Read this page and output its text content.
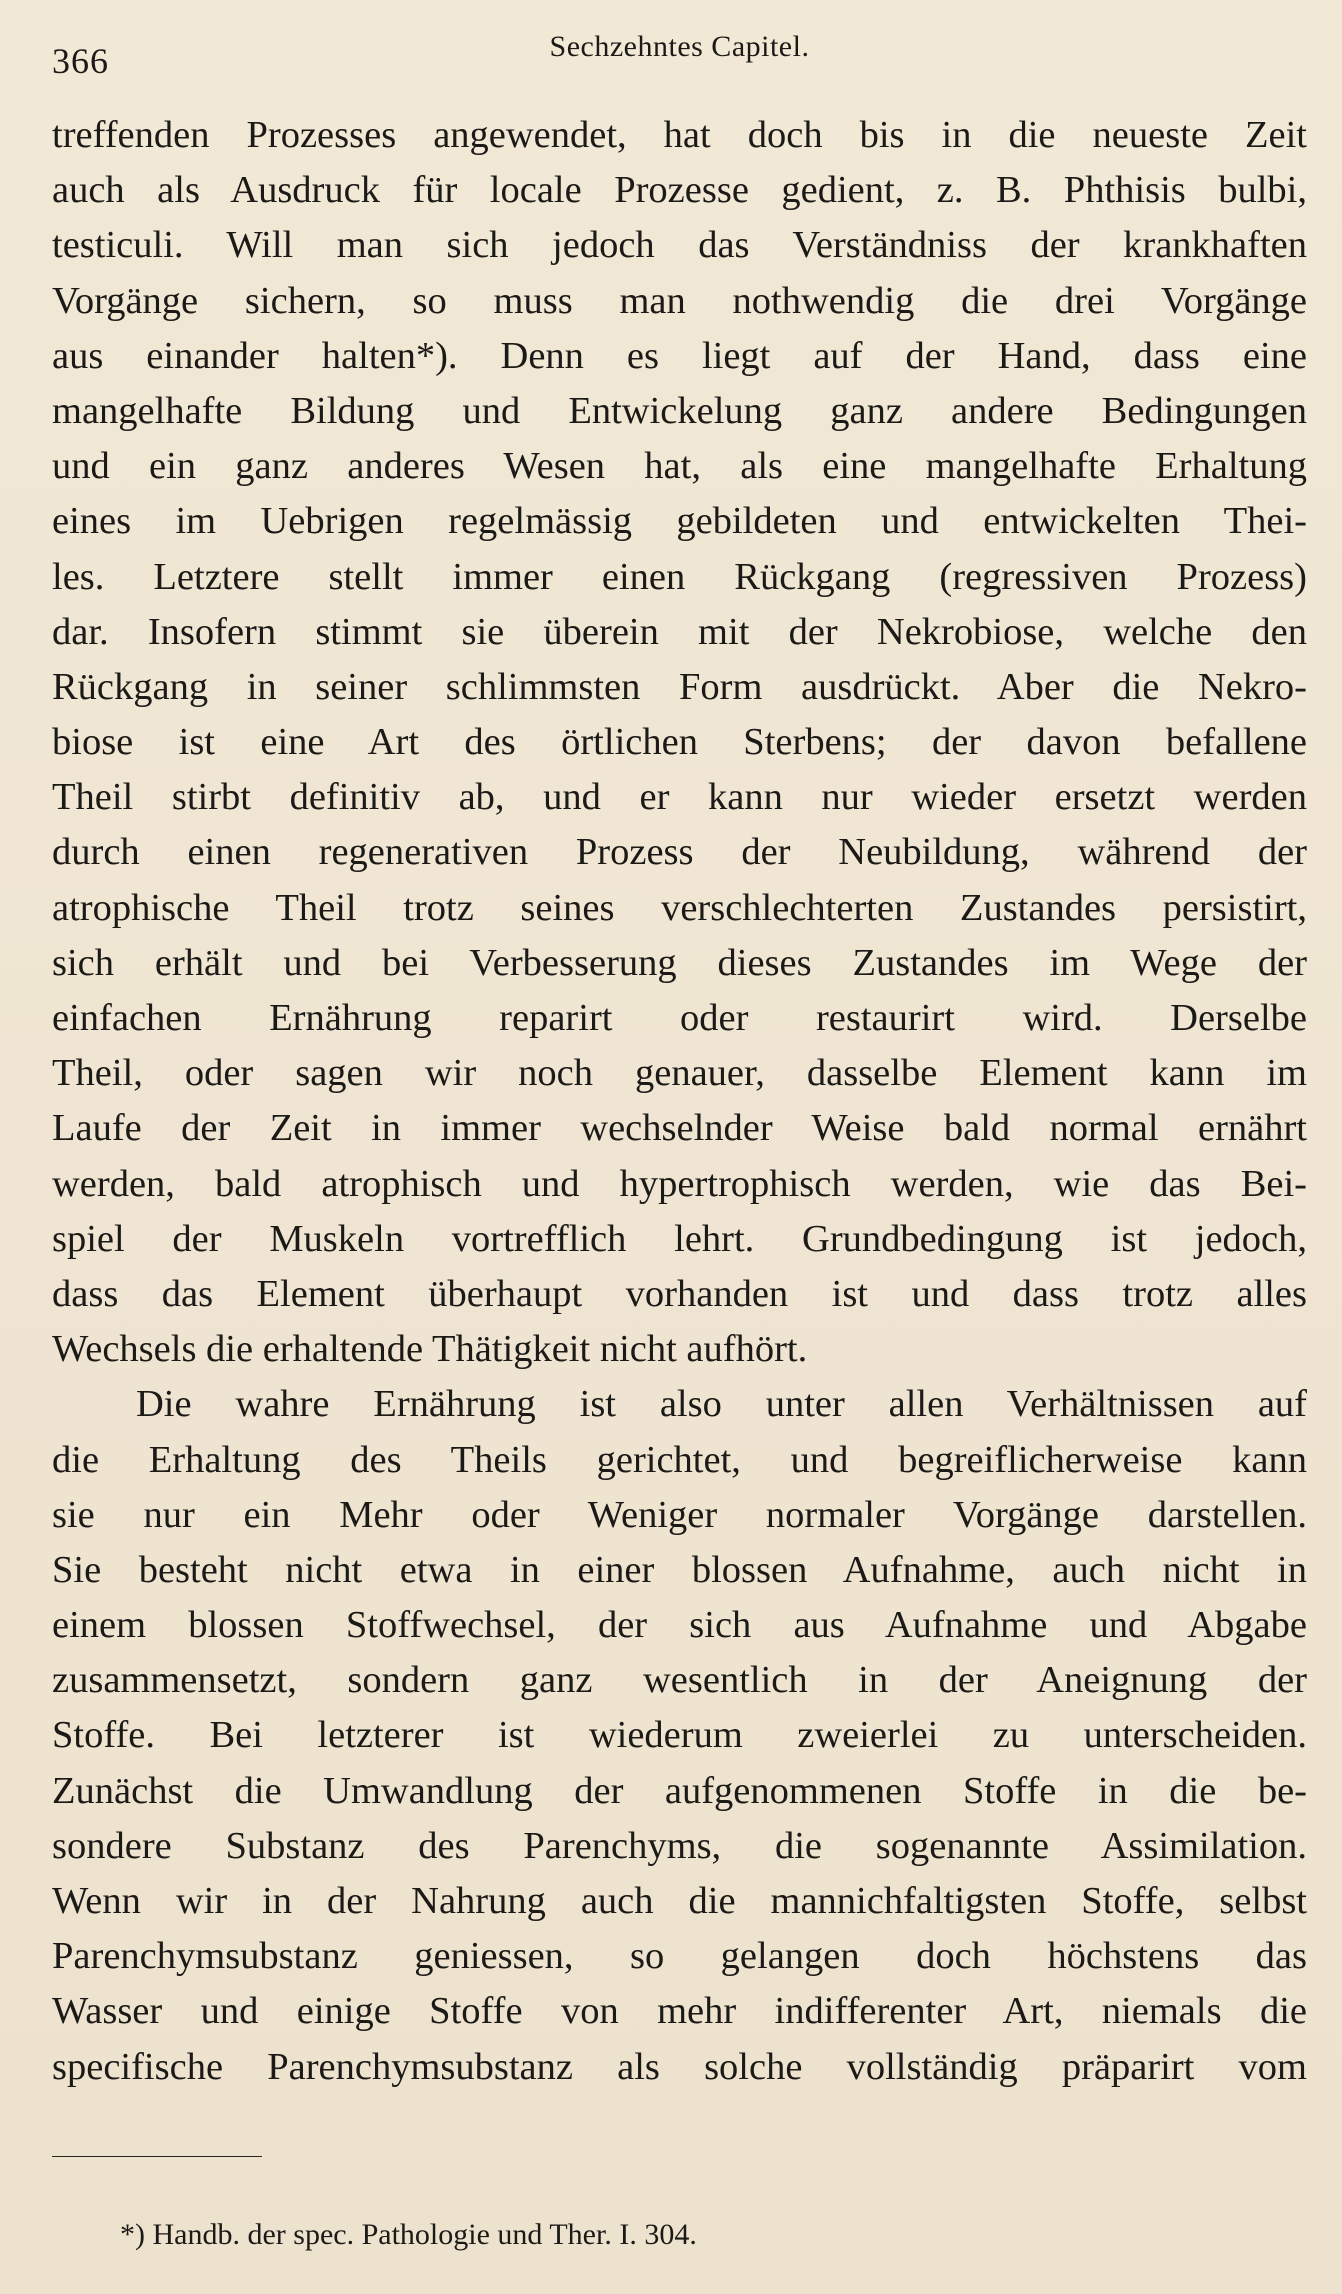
366	Sechzehntes Capitel.
treffenden Prozesses angewendet, hat doch bis in die neueste Zeit
auch als Ausdruck für locale Prozesse gedient, z. B. Phthisis bulbi,
testiculi. Will man sich jedoch das Verständniss der krankhaften
Vorgänge sichern, so muss man nothwendig die drei Vorgänge
aus einander halten*). Denn es liegt auf der Hand, dass eine
mangelhafte Bildung und Entwickelung ganz andere Bedingungen
und ein ganz anderes Wesen hat, als eine mangelhafte Erhaltung
eines im Uebrigen regelmässig gebildeten und entwickelten Thei-
les. Letztere stellt immer einen Rückgang (regressiven Prozess)
dar. Insofern stimmt sie überein mit der Nekrobiose, welche den
Rückgang in seiner schlimmsten Form ausdrückt. Aber die Nekro-
biose ist eine Art des örtlichen Sterbens; der davon befallene
Theil stirbt definitiv ab, und er kann nur wieder ersetzt werden
durch einen regenerativen Prozess der Neubildung, während der
atrophische Theil trotz seines verschlechterten Zustandes persistirt,
sich erhält und bei Verbesserung dieses Zustandes im Wege der
einfachen Ernährung reparirt oder restaurirt wird. Derselbe
Theil, oder sagen wir noch genauer, dasselbe Element kann im
Laufe der Zeit in immer wechselnder Weise bald normal ernährt
werden, bald atrophisch und hypertrophisch werden, wie das Bei-
spiel der Muskeln vortrefflich lehrt. Grundbedingung ist jedoch,
dass das Element überhaupt vorhanden ist und dass trotz alles
Wechsels die erhaltende Thätigkeit nicht aufhört.
Die wahre Ernährung ist also unter allen Verhältnissen auf
die Erhaltung des Theils gerichtet, und begreiflicherweise kann
sie nur ein Mehr oder Weniger normaler Vorgänge darstellen.
Sie besteht nicht etwa in einer blossen Aufnahme, auch nicht in
einem blossen Stoffwechsel, der sich aus Aufnahme und Abgabe
zusammensetzt, sondern ganz wesentlich in der Aneignung der
Stoffe. Bei letzterer ist wiederum zweierlei zu unterscheiden.
Zunächst die Umwandlung der aufgenommenen Stoffe in die be-
sondere Substanz des Parenchyms, die sogenannte Assimilation.
Wenn wir in der Nahrung auch die mannichfaltigsten Stoffe, selbst
Parenchymsubstanz geniessen, so gelangen doch höchstens das
Wasser und einige Stoffe von mehr indifferenter Art, niemals die
specifische Parenchymsubstanz als solche vollständig präparirt vom
*) Handb. der spec. Pathologie und Ther. I. 304.
